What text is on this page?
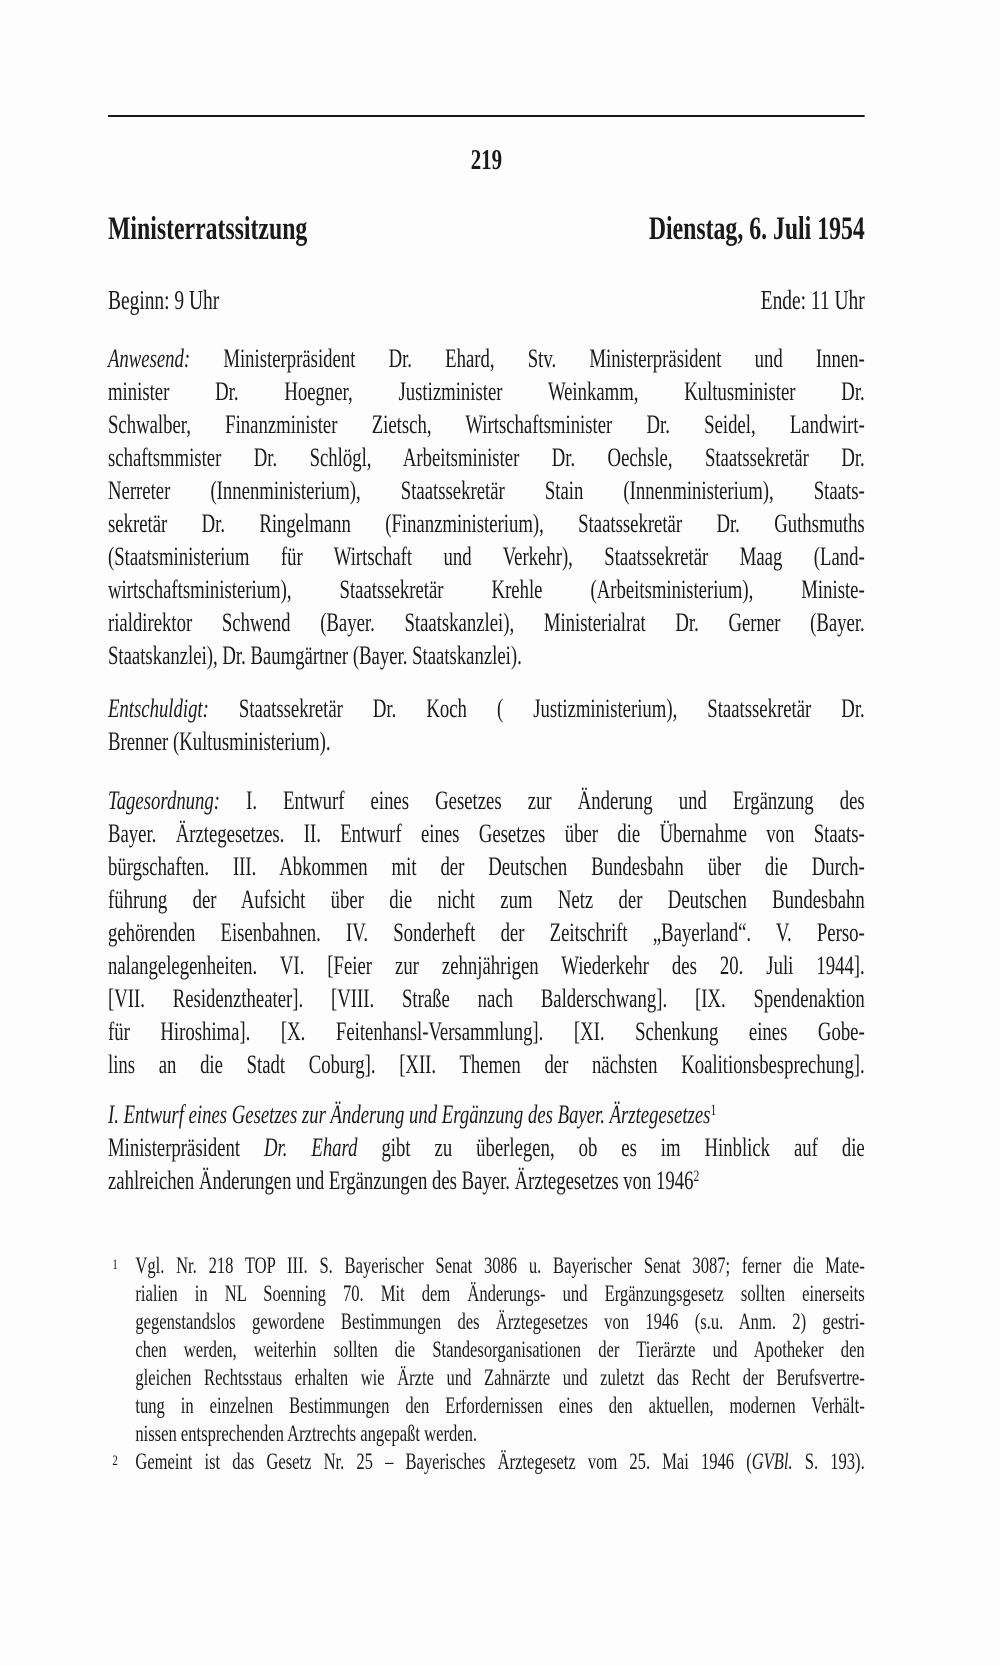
219
Ministerratssitzung	Dienstag, 6. Juli 1954
Beginn: 9 Uhr	Ende: 11 Uhr
Anwesend: Ministerpräsident Dr. Ehard, Stv. Ministerpräsident und Innen-
minister Dr. Hoegner, Justizminister Weinkamm, Kultusminister Dr.
Schwalber, Finanzminister Zietsch, Wirtschaftsminister Dr. Seidel, Landwirt-
schaftsmmister Dr. Schlögl, Arbeitsminister Dr. Oechsle, Staatssekretär Dr.
Nerreter (Innenministerium), Staatssekretär Stain (Innenministerium), Staats-
sekretär Dr. Ringelmann (Finanzministerium), Staatssekretär Dr. Guthsmuths
(Staatsministerium für Wirtschaft und Verkehr), Staatssekretär Maag (Land-
wirtschaftsministerium), Staatssekretär Krehle (Arbeitsministerium), Ministe-
rialdirektor Schwend (Bayer. Staatskanzlei), Ministerialrat Dr. Gerner (Bayer.
Staatskanzlei), Dr. Baumgärtner (Bayer. Staatskanzlei).
Entschuldigt: Staatssekretär Dr. Koch ( Justizministerium), Staatssekretär Dr.
Brenner (Kultusministerium).
Tagesordnung: I. Entwurf eines Gesetzes zur Änderung und Ergänzung des
Bayer. Ärztegesetzes. II. Entwurf eines Gesetzes über die Übernahme von Staats-
bürgschaften. III. Abkommen mit der Deutschen Bundesbahn über die Durch-
führung der Aufsicht über die nicht zum Netz der Deutschen Bundesbahn
gehörenden Eisenbahnen. IV. Sonderheft der Zeitschrift „Bayerland“. V. Perso-
nalangelegenheiten. VI. [Feier zur zehnjährigen Wiederkehr des 20. Juli 1944].
[VII. Residenztheater]. [VIII. Straße nach Balderschwang]. [IX. Spendenaktion
für Hiroshima]. [X. Feitenhansl-Versammlung]. [XI. Schenkung eines Gobe-
lins an die Stadt Coburg]. [XII. Themen der nächsten Koalitionsbesprechung].
I. Entwurf eines Gesetzes zur Änderung und Ergänzung des Bayer. Ärztegesetzes$^1$
Ministerpräsident Dr. Ehard gibt zu überlegen, ob es im Hinblick auf die
zahlreichen Änderungen und Ergänzungen des Bayer. Ärztegesetzes von 1946$^2$
1 Vgl. Nr. 218 TOP III. S. Bayerischer Senat 3086 u. Bayerischer Senat 3087; ferner die Mate-
rialien in NL Soenning 70. Mit dem Änderungs- und Ergänzungsgesetz sollten einerseits
gegenstandslos gewordene Bestimmungen des Ärztegesetzes von 1946 (s.u. Anm. 2) gestri-
chen werden, weiterhin sollten die Standesorganisationen der Tierärzte und Apotheker den
gleichen Rechtsstaus erhalten wie Ärzte und Zahnärzte und zuletzt das Recht der Berufsvertre-
tung in einzelnen Bestimmungen den Erfordernissen eines den aktuellen, modernen Verhält-
nissen entsprechenden Arztrechts angepaßt werden.
2 Gemeint ist das Gesetz Nr. 25 – Bayerisches Ärztegesetz vom 25. Mai 1946 (GVBl. S. 193).
